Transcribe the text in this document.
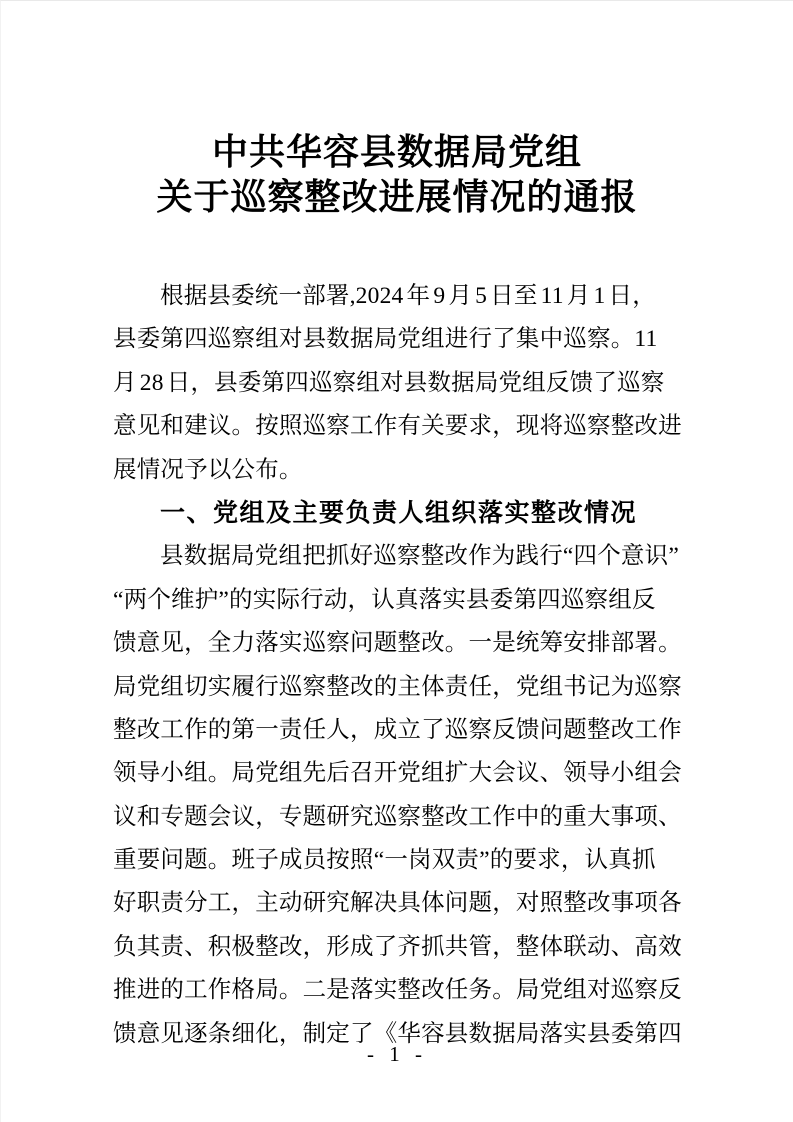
中共华容县数据局党组
关于巡察整改进展情况的通报
根据县委统一部署,2024 年 9 月 5 日至 11 月 1 日，
县委第四巡察组对县数据局党组进行了集中巡察。11
月 28 日，县委第四巡察组对县数据局党组反馈了巡察
意见和建议。按照巡察工作有关要求，现将巡察整改进
展情况予以公布。
一、党组及主要负责人组织落实整改情况
县数据局党组把抓好巡察整改作为践行“四个意识”
“两个维护”的实际行动，认真落实县委第四巡察组反
馈意见，全力落实巡察问题整改。一是统筹安排部署。
局党组切实履行巡察整改的主体责任，党组书记为巡察
整改工作的第一责任人，成立了巡察反馈问题整改工作
领导小组。局党组先后召开党组扩大会议、领导小组会
议和专题会议，专题研究巡察整改工作中的重大事项、
重要问题。班子成员按照“一岗双责”的要求，认真抓
好职责分工，主动研究解决具体问题，对照整改事项各
负其责、积极整改，形成了齐抓共管，整体联动、高效
推进的工作格局。二是落实整改任务。局党组对巡察反
馈意见逐条细化，制定了《华容县数据局落实县委第四
- 1 -
